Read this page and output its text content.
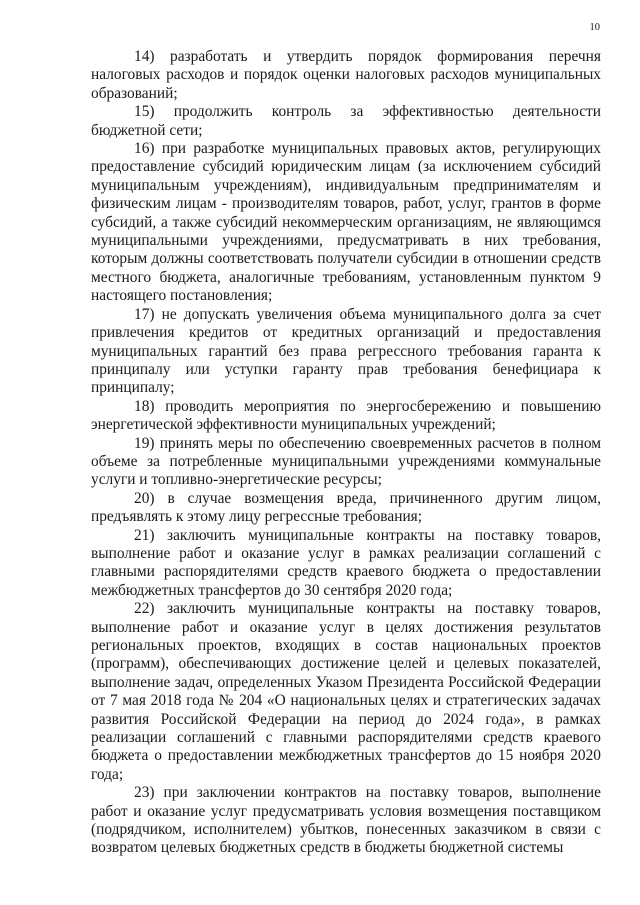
10

14) разработать и утвердить порядок формирования перечня налоговых расходов и порядок оценки налоговых расходов муниципальных образований;

15) продолжить контроль за эффективностью деятельности бюджетной сети;

16) при разработке муниципальных правовых актов, регулирующих предоставление субсидий юридическим лицам (за исключением субсидий муниципальным учреждениям), индивидуальным предпринимателям и физическим лицам - производителям товаров, работ, услуг, грантов в форме субсидий, а также субсидий некоммерческим организациям, не являющимся муниципальными учреждениями, предусматривать в них требования, которым должны соответствовать получатели субсидии в отношении средств местного бюджета, аналогичные требованиям, установленным пунктом 9 настоящего постановления;

17) не допускать увеличения объема муниципального долга за счет привлечения кредитов от кредитных организаций и предоставления муниципальных гарантий без права регрессного требования гаранта к принципалу или уступки гаранту прав требования бенефициара к принципалу;

18) проводить мероприятия по энергосбережению и повышению энергетической эффективности муниципальных учреждений;

19) принять меры по обеспечению своевременных расчетов в полном объеме за потребленные муниципальными учреждениями коммунальные услуги и топливно-энергетические ресурсы;

20) в случае возмещения вреда, причиненного другим лицом, предъявлять к этому лицу регрессные требования;

21) заключить муниципальные контракты на поставку товаров, выполнение работ и оказание услуг в рамках реализации соглашений с главными распорядителями средств краевого бюджета о предоставлении межбюджетных трансфертов до 30 сентября 2020 года;

22) заключить муниципальные контракты на поставку товаров, выполнение работ и оказание услуг в целях достижения результатов региональных проектов, входящих в состав национальных проектов (программ), обеспечивающих достижение целей и целевых показателей, выполнение задач, определенных Указом Президента Российской Федерации от 7 мая 2018 года № 204 «О национальных целях и стратегических задачах развития Российской Федерации на период до 2024 года», в рамках реализации соглашений с главными распорядителями средств краевого бюджета о предоставлении межбюджетных трансфертов до 15 ноября 2020 года;

23) при заключении контрактов на поставку товаров, выполнение работ и оказание услуг предусматривать условия возмещения поставщиком (подрядчиком, исполнителем) убытков, понесенных заказчиком в связи с возвратом целевых бюджетных средств в бюджеты бюджетной системы
